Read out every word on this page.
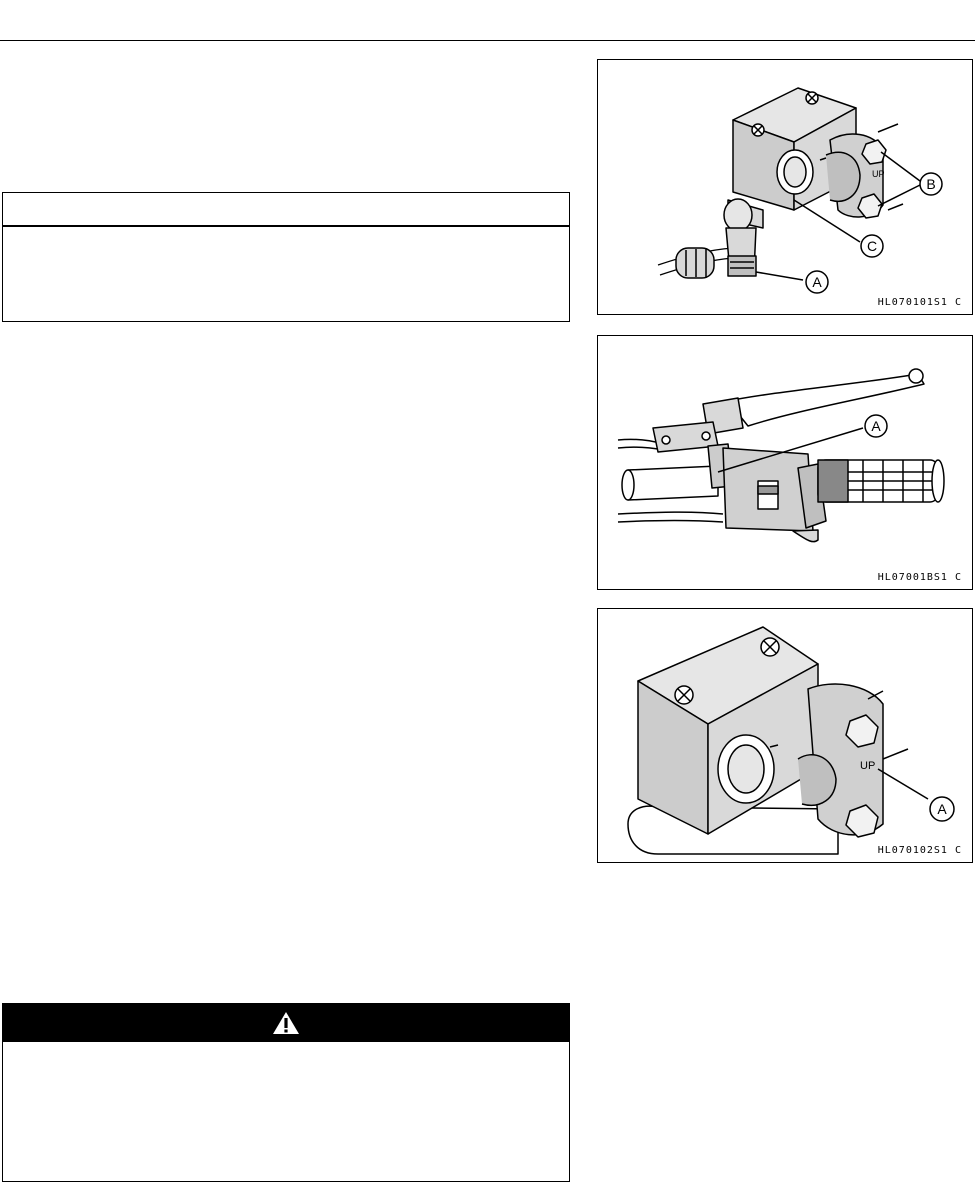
B
C
A
UP
HL070101S1 C
A
HL07001BS1 C
A
UP
HL070102S1 C
